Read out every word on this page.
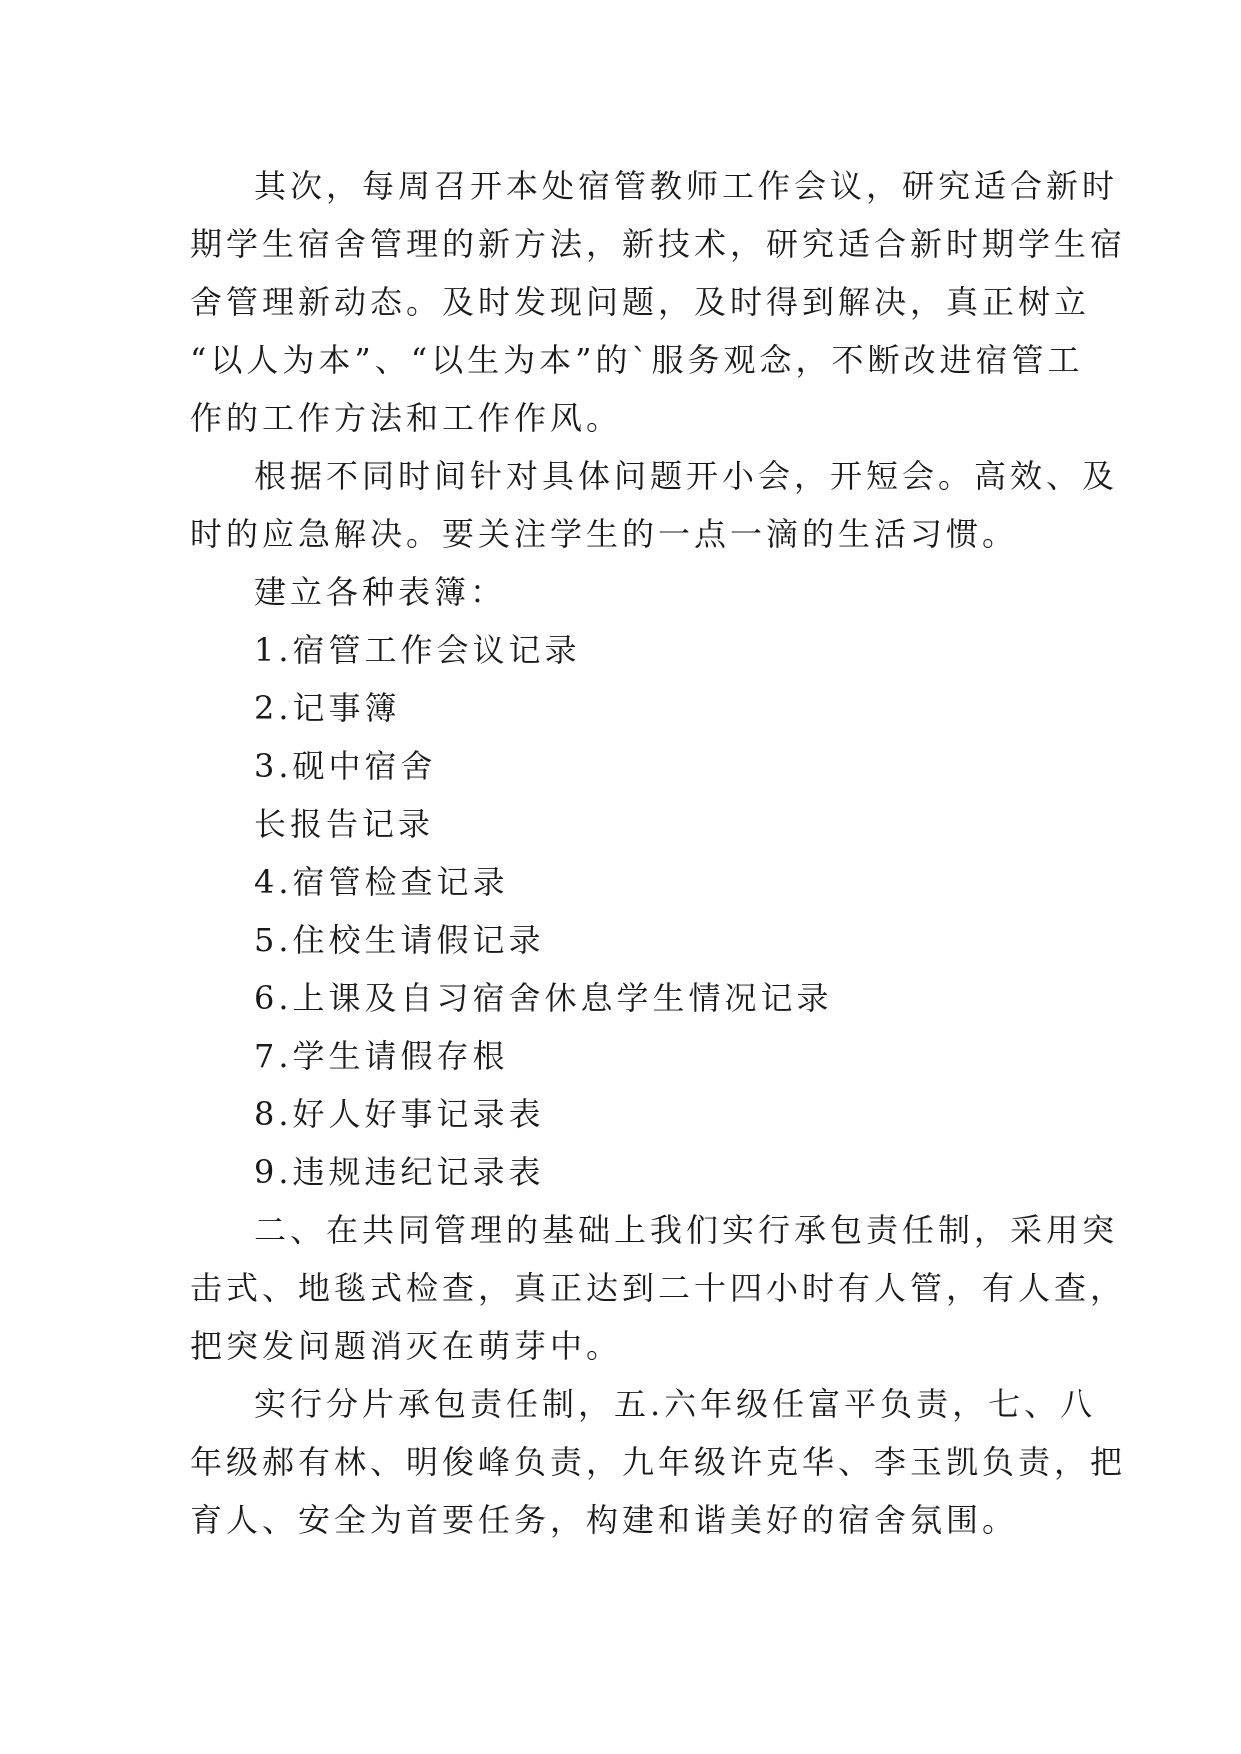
其次，每周召开本处宿管教师工作会议，研究适合新时
期学生宿舍管理的新方法，新技术，研究适合新时期学生宿
舍管理新动态。及时发现问题，及时得到解决，真正树立
“以人为本”、“以生为本”的`服务观念，不断改进宿管工
作的工作方法和工作作风。
根据不同时间针对具体问题开小会，开短会。高效、及
时的应急解决。要关注学生的一点一滴的生活习惯。
建立各种表簿：
1.宿管工作会议记录
2.记事簿
3.砚中宿舍
长报告记录
4.宿管检查记录
5.住校生请假记录
6.上课及自习宿舍休息学生情况记录
7.学生请假存根
8.好人好事记录表
9.违规违纪记录表
二、在共同管理的基础上我们实行承包责任制，采用突
击式、地毯式检查，真正达到二十四小时有人管，有人查，
把突发问题消灭在萌芽中。
实行分片承包责任制，五.六年级任富平负责，七、八
年级郝有林、明俊峰负责，九年级许克华、李玉凯负责，把
育人、安全为首要任务，构建和谐美好的宿舍氛围。
